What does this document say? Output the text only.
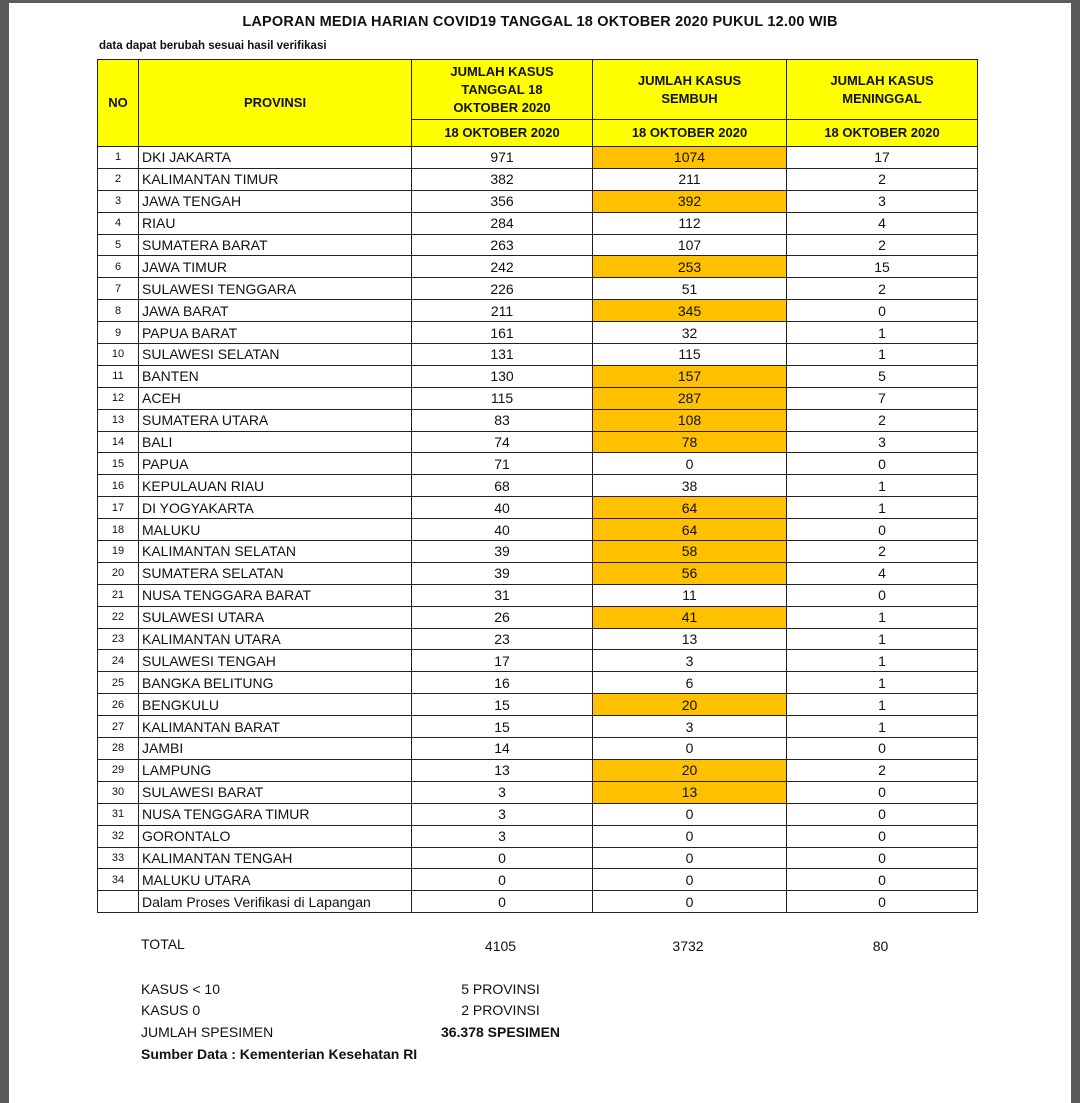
LAPORAN MEDIA HARIAN COVID19 TANGGAL 18 OKTOBER 2020 PUKUL 12.00 WIB
data dapat berubah sesuai hasil verifikasi
NO	PROVINSI	JUMLAH KASUS TANGGAL 18 OKTOBER 2020	JUMLAH KASUS SEMBUH	JUMLAH KASUS MENINGGAL
		18 OKTOBER 2020	18 OKTOBER 2020	18 OKTOBER 2020
1	DKI JAKARTA	971	1074	17
2	KALIMANTAN TIMUR	382	211	2
3	JAWA TENGAH	356	392	3
4	RIAU	284	112	4
5	SUMATERA BARAT	263	107	2
6	JAWA TIMUR	242	253	15
7	SULAWESI TENGGARA	226	51	2
8	JAWA BARAT	211	345	0
9	PAPUA BARAT	161	32	1
10	SULAWESI SELATAN	131	115	1
11	BANTEN	130	157	5
12	ACEH	115	287	7
13	SUMATERA UTARA	83	108	2
14	BALI	74	78	3
15	PAPUA	71	0	0
16	KEPULAUAN RIAU	68	38	1
17	DI YOGYAKARTA	40	64	1
18	MALUKU	40	64	0
19	KALIMANTAN SELATAN	39	58	2
20	SUMATERA SELATAN	39	56	4
21	NUSA TENGGARA BARAT	31	11	0
22	SULAWESI UTARA	26	41	1
23	KALIMANTAN UTARA	23	13	1
24	SULAWESI TENGAH	17	3	1
25	BANGKA BELITUNG	16	6	1
26	BENGKULU	15	20	1
27	KALIMANTAN BARAT	15	3	1
28	JAMBI	14	0	0
29	LAMPUNG	13	20	2
30	SULAWESI BARAT	3	13	0
31	NUSA TENGGARA TIMUR	3	0	0
32	GORONTALO	3	0	0
33	KALIMANTAN TENGAH	0	0	0
34	MALUKU UTARA	0	0	0
	Dalam Proses Verifikasi di Lapangan	0	0	0
TOTAL	4105	3732	80
KASUS < 10	5 PROVINSI
KASUS 0	2 PROVINSI
JUMLAH SPESIMEN	36.378 SPESIMEN
Sumber Data : Kementerian Kesehatan RI
